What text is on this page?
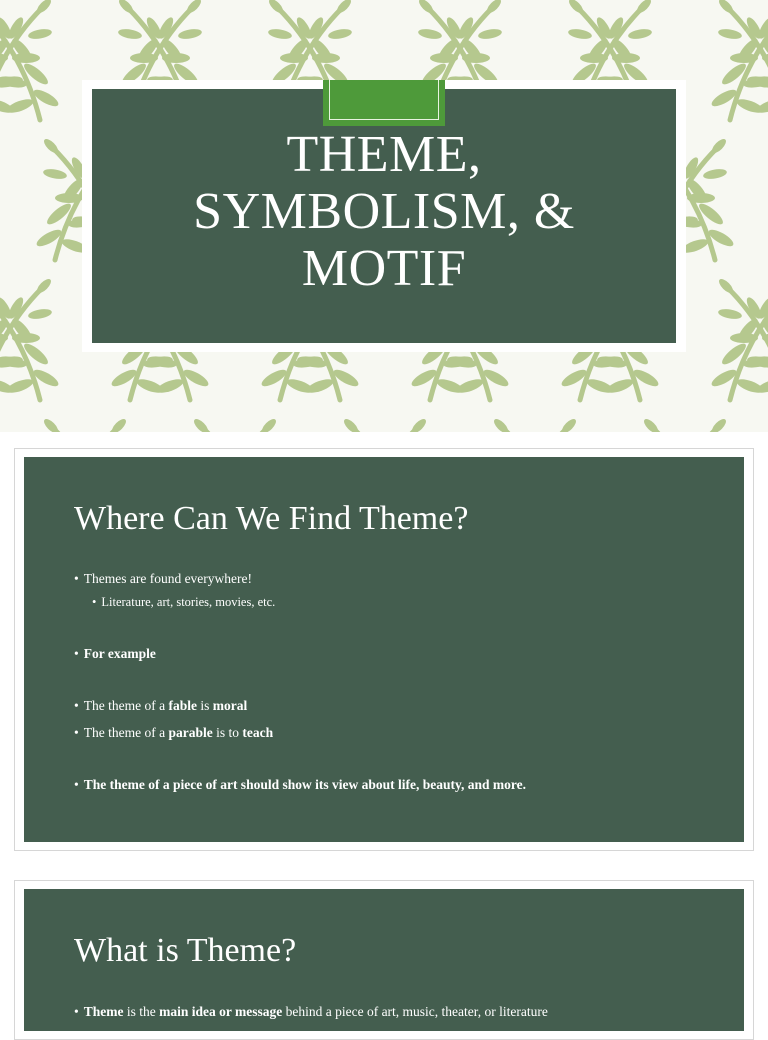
THEME,
SYMBOLISM, &
MOTIF
Where Can We Find Theme?
• Themes are found everywhere!
• Literature, art, stories, movies, etc.
• For example
• The theme of a fable is moral
• The theme of a parable is to teach
• The theme of a piece of art should show its view about life, beauty, and more.
What is Theme?
• Theme is the main idea or message behind a piece of art, music, theater, or literature
